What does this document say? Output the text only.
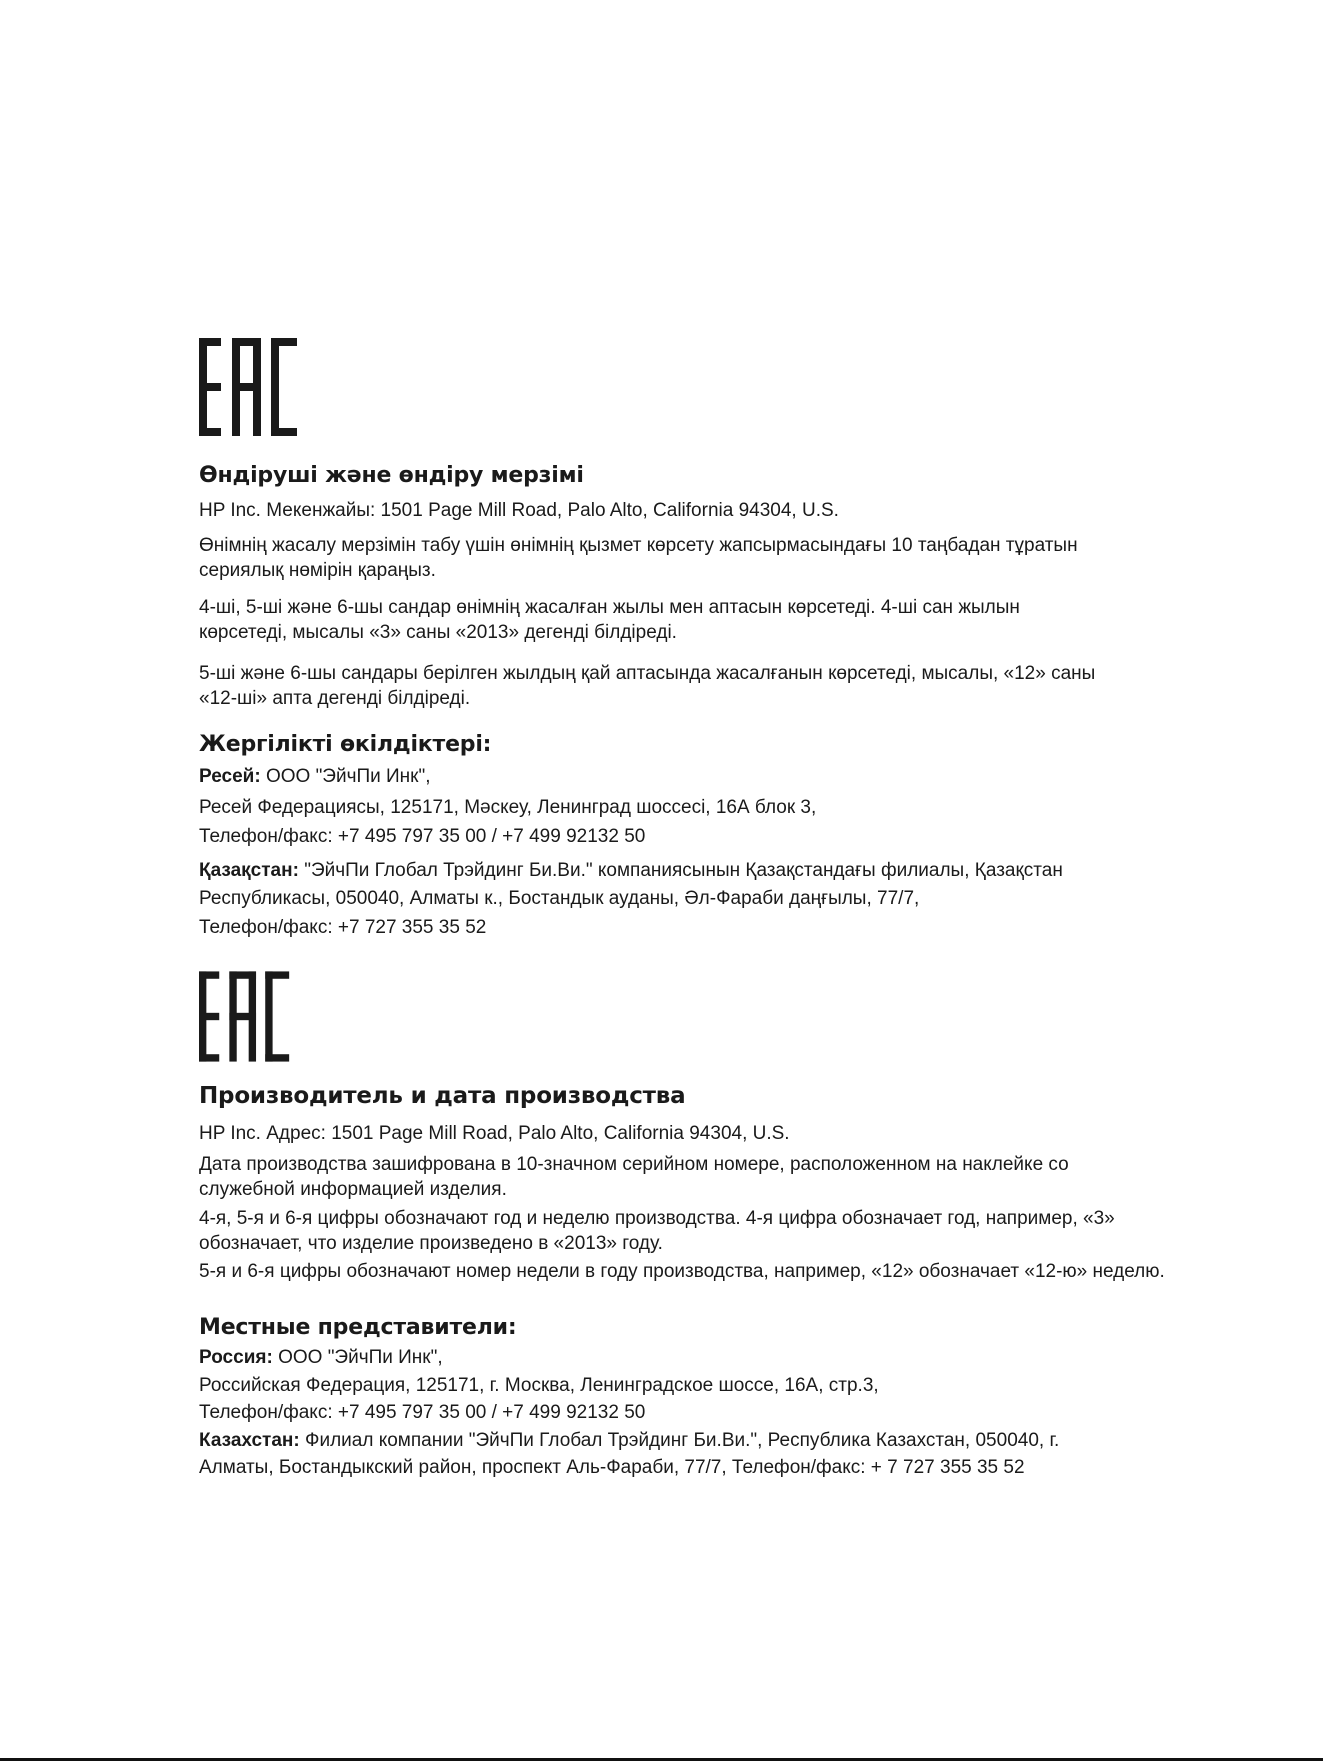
Өндіруші және өндіру мерзімі

HP Inc. Мекенжайы: 1501 Page Mill Road, Palo Alto, California 94304, U.S.

Өнімнің жасалу мерзімін табу үшін өнімнің қызмет көрсету жапсырмасындағы 10 таңбадан тұратын

сериялық нөмірін қараңыз.

4-ші, 5-ші және 6-шы сандар өнімнің жасалған жылы мен аптасын көрсетеді. 4-ші сан жылын

көрсетеді, мысалы «3» саны «2013» дегенді білдіреді.

5-ші және 6-шы сандары берілген жылдың қай аптасында жасалғанын көрсетеді, мысалы, «12» саны

«12-ші» апта дегенді білдіреді.

Жергілікті өкілдіктері:

Ресей: ООО "ЭйчПи Инк",

Ресей Федерациясы, 125171, Мәскеу, Ленинград шоссесі, 16А блок 3,

Телефон/факс: +7 495 797 35 00 / +7 499 92132 50

Қазақстан: "ЭйчПи Глобал Трэйдинг Би.Ви." компаниясынын Қазақстандағы филиалы, Қазақстан

Республикасы, 050040, Алматы к., Бостандык ауданы, Әл-Фараби даңғылы, 77/7,

Телефон/факс: +7 727 355 35 52

Производитель и дата производства

HP Inc. Адрес: 1501 Page Mill Road, Palo Alto, California 94304, U.S.

Дата производства зашифрована в 10-значном серийном номере, расположенном на наклейке со

служебной информацией изделия.

4-я, 5-я и 6-я цифры обозначают год и неделю производства. 4-я цифра обозначает год, например, «3»

обозначает, что изделие произведено в «2013» году.

5-я и 6-я цифры обозначают номер недели в году производства, например, «12» обозначает «12-ю» неделю.

Местные представители:

Россия: ООО "ЭйчПи Инк",

Российская Федерация, 125171, г. Москва, Ленинградское шоссе, 16А, стр.3,

Телефон/факс: +7 495 797 35 00 / +7 499 92132 50

Казахстан: Филиал компании "ЭйчПи Глобал Трэйдинг Би.Ви.", Республика Казахстан, 050040, г.

Алматы, Бостандыкский район, проспект Аль-Фараби, 77/7, Телефон/факс: + 7 727 355 35 52
